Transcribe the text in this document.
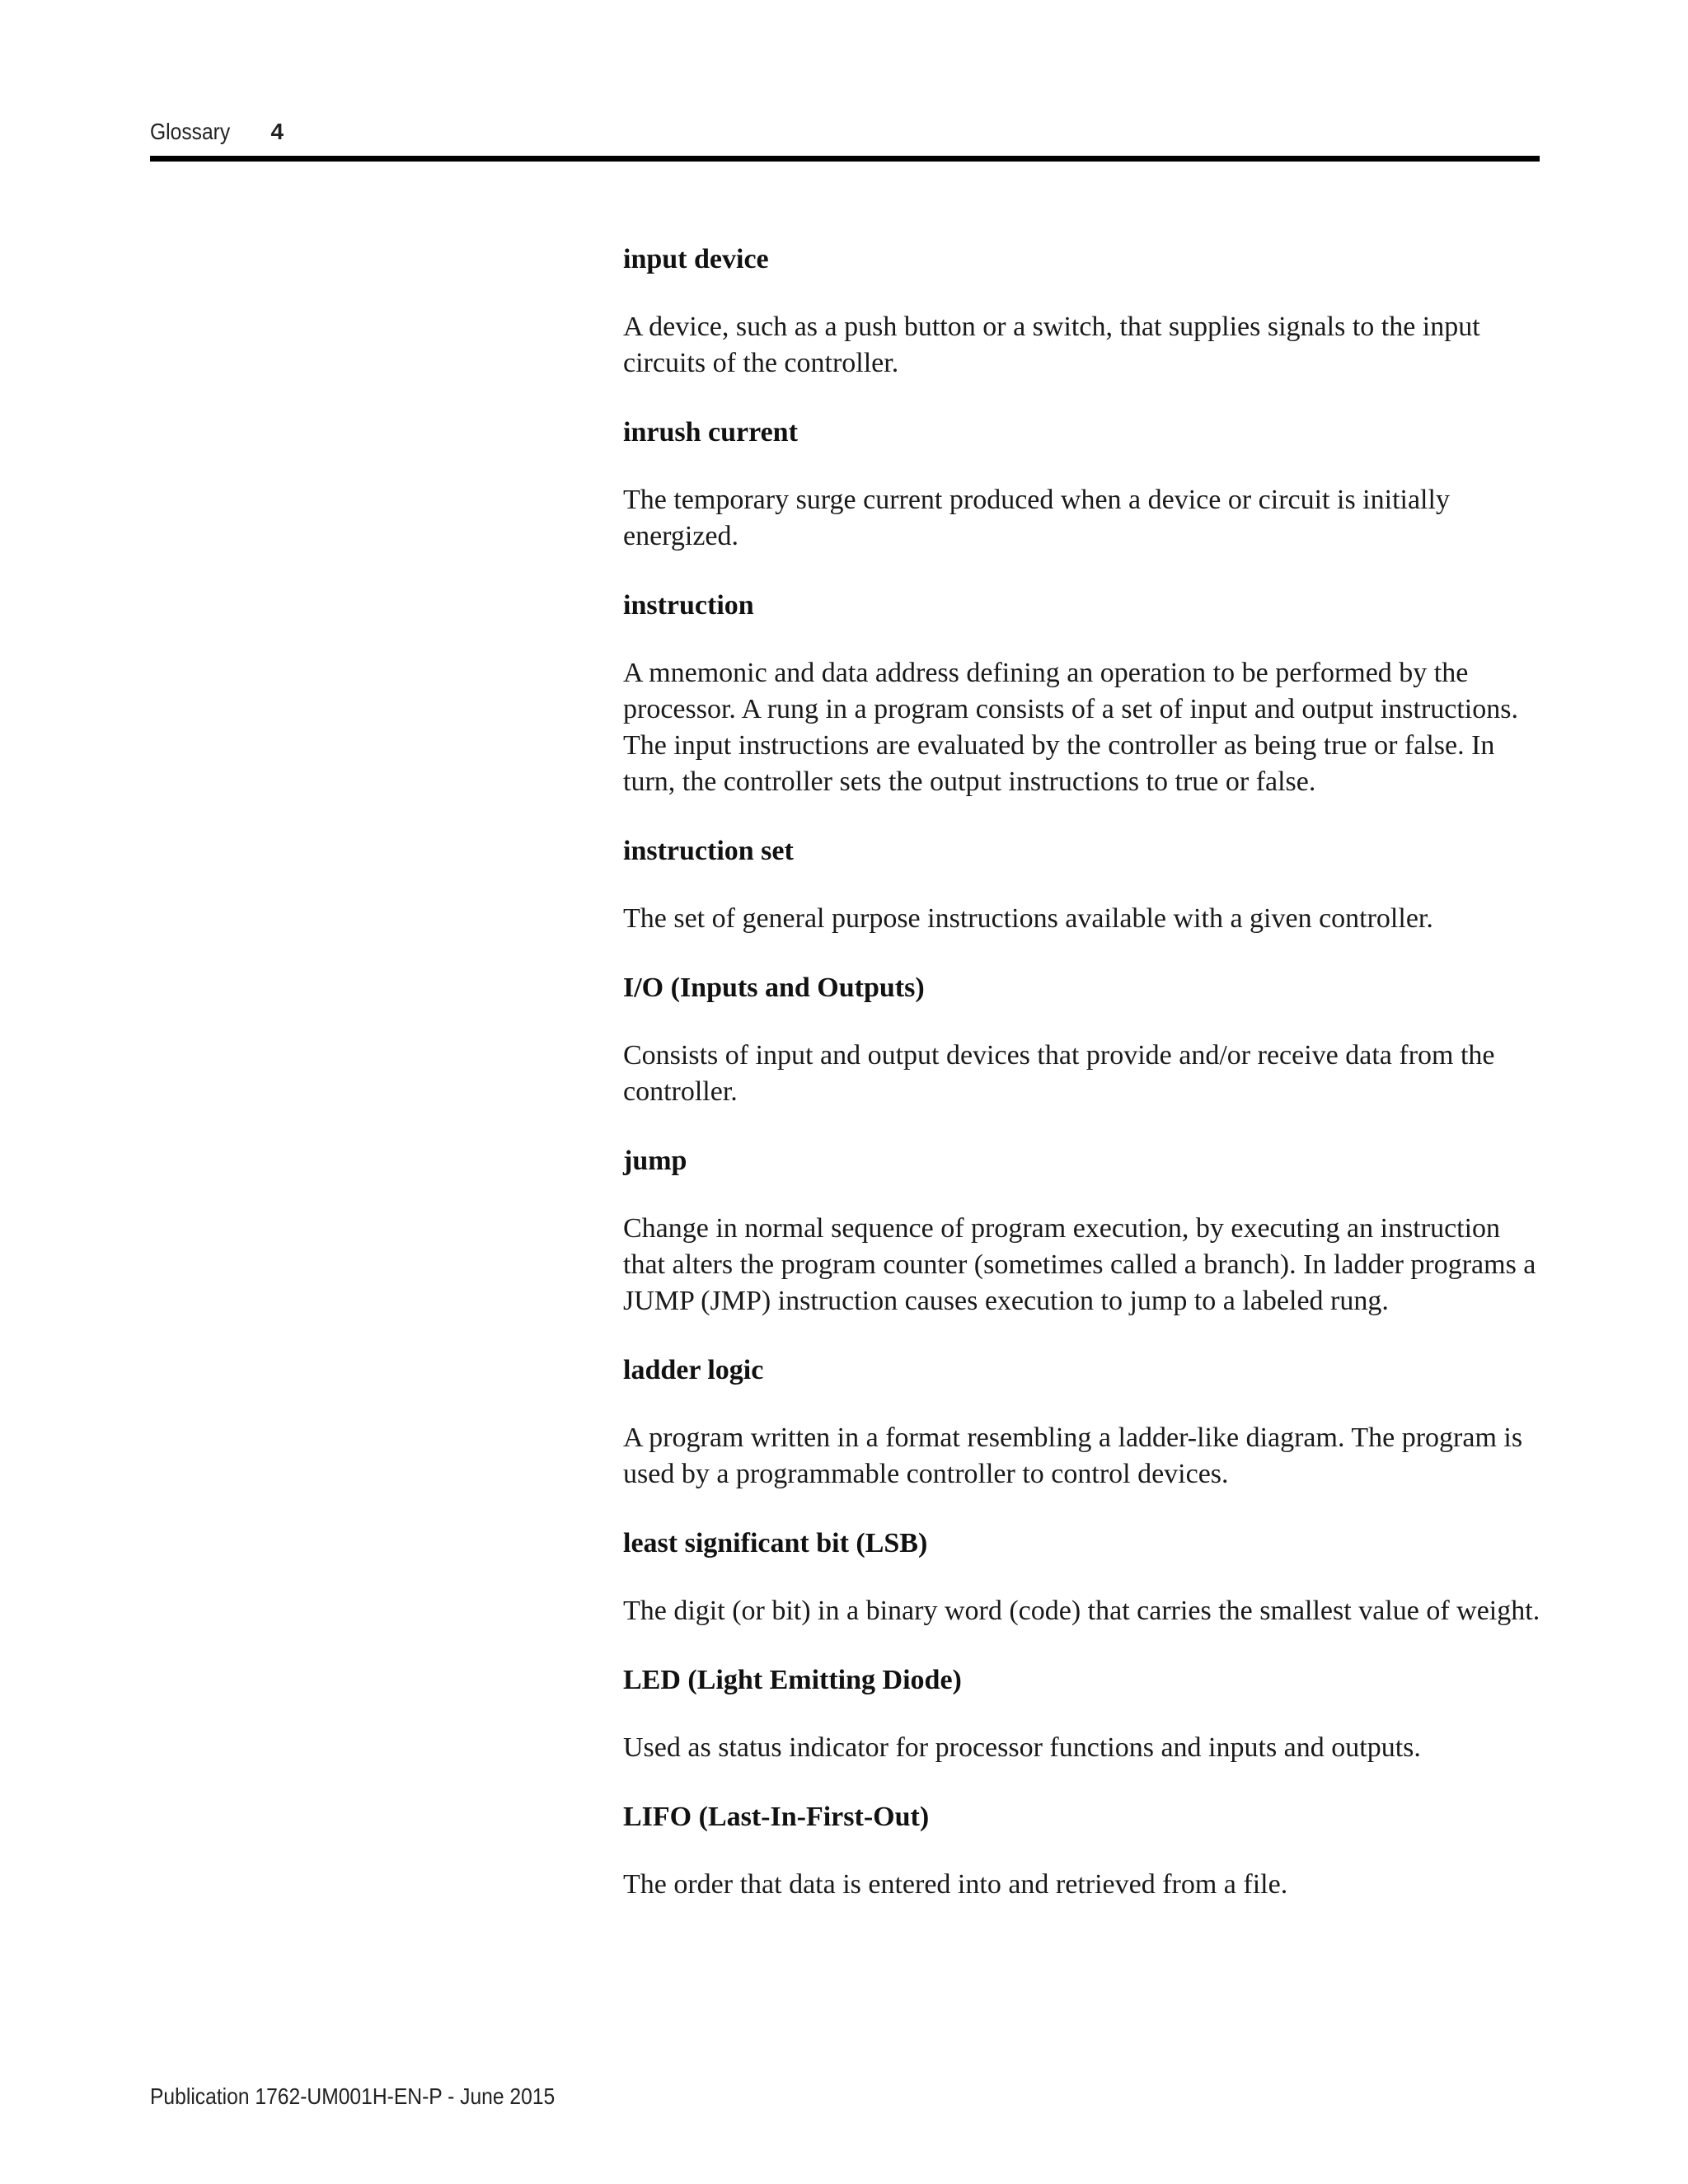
Glossary 4

input device

A device, such as a push button or a switch, that supplies signals to the input circuits of the controller.

inrush current

The temporary surge current produced when a device or circuit is initially energized.

instruction

A mnemonic and data address defining an operation to be performed by the processor. A rung in a program consists of a set of input and output instructions. The input instructions are evaluated by the controller as being true or false. In turn, the controller sets the output instructions to true or false.

instruction set

The set of general purpose instructions available with a given controller.

I/O (Inputs and Outputs)

Consists of input and output devices that provide and/or receive data from the controller.

jump

Change in normal sequence of program execution, by executing an instruction that alters the program counter (sometimes called a branch). In ladder programs a JUMP (JMP) instruction causes execution to jump to a labeled rung.

ladder logic

A program written in a format resembling a ladder-like diagram. The program is used by a programmable controller to control devices.

least significant bit (LSB)

The digit (or bit) in a binary word (code) that carries the smallest value of weight.

LED (Light Emitting Diode)

Used as status indicator for processor functions and inputs and outputs.

LIFO (Last-In-First-Out)

The order that data is entered into and retrieved from a file.

Publication 1762-UM001H-EN-P - June 2015
